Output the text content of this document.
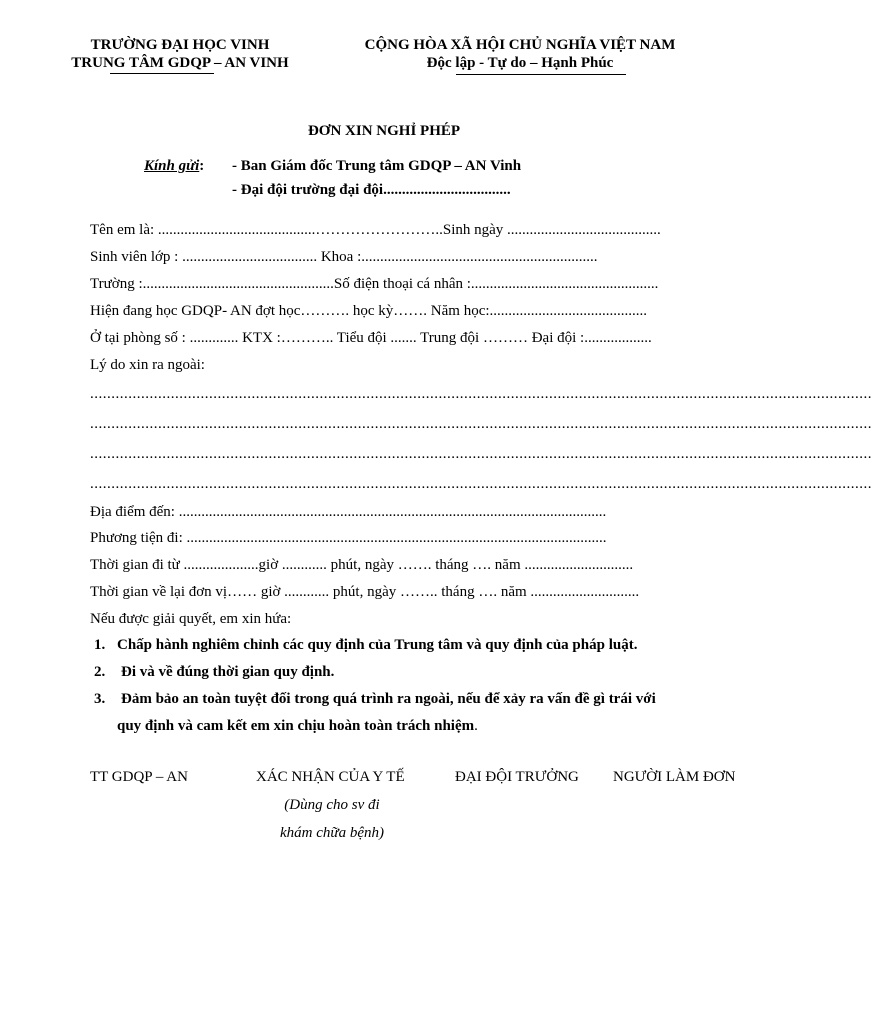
TRƯỜNG ĐẠI HỌC VINH
TRUNG TÂM GDQP – AN VINH
CỘNG HÒA XÃ HỘI CHỦ NGHĨA VIỆT NAM
Độc lập - Tự do – Hạnh Phúc
ĐƠN XIN NGHỈ PHÉP
Kính gửi: - Ban Giám đốc Trung tâm GDQP – AN Vinh
- Đại đội trường đại đội..................................
Tên em là: ..........................................……………………..Sinh ngày .........................................
Sinh viên lớp : .................................... Khoa :...............................................................
Trường :...................................................Số điện thoại cá nhân :..................................................
Hiện đang học GDQP- AN đợt học………. học kỳ……. Năm học:..........................................
Ở tại phòng số : ............. KTX :……….. Tiểu đội ....... Trung đội ……… Đại đội :..................
Lý do xin ra ngoài:
........................................................................................................................................................................................
........................................................................................................................................................................................
........................................................................................................................................................................................
........................................................................................................................................................................................
Địa điểm đến: ..................................................................................................................
Phương tiện đi: ................................................................................................................
Thời gian đi từ ....................giờ ............ phút, ngày ……. tháng …. năm .............................
Thời gian về lại đơn vị…… giờ ............ phút, ngày …….. tháng …. năm .............................
Nếu được giải quyết, em xin hứa:
1. Chấp hành nghiêm chỉnh các quy định của Trung tâm và quy định của pháp luật.
2. Đi và về đúng thời gian quy định.
3. Đảm bảo an toàn tuyệt đối trong quá trình ra ngoài, nếu để xảy ra vấn đề gì trái với
quy định và cam kết em xin chịu hoàn toàn trách nhiệm.
TT GDQP – AN	XÁC NHẬN CỦA Y TẾ
(Dùng cho sv đi
khám chữa bệnh)
ĐẠI ĐỘI TRƯỞNG NGƯỜI LÀM ĐƠN
